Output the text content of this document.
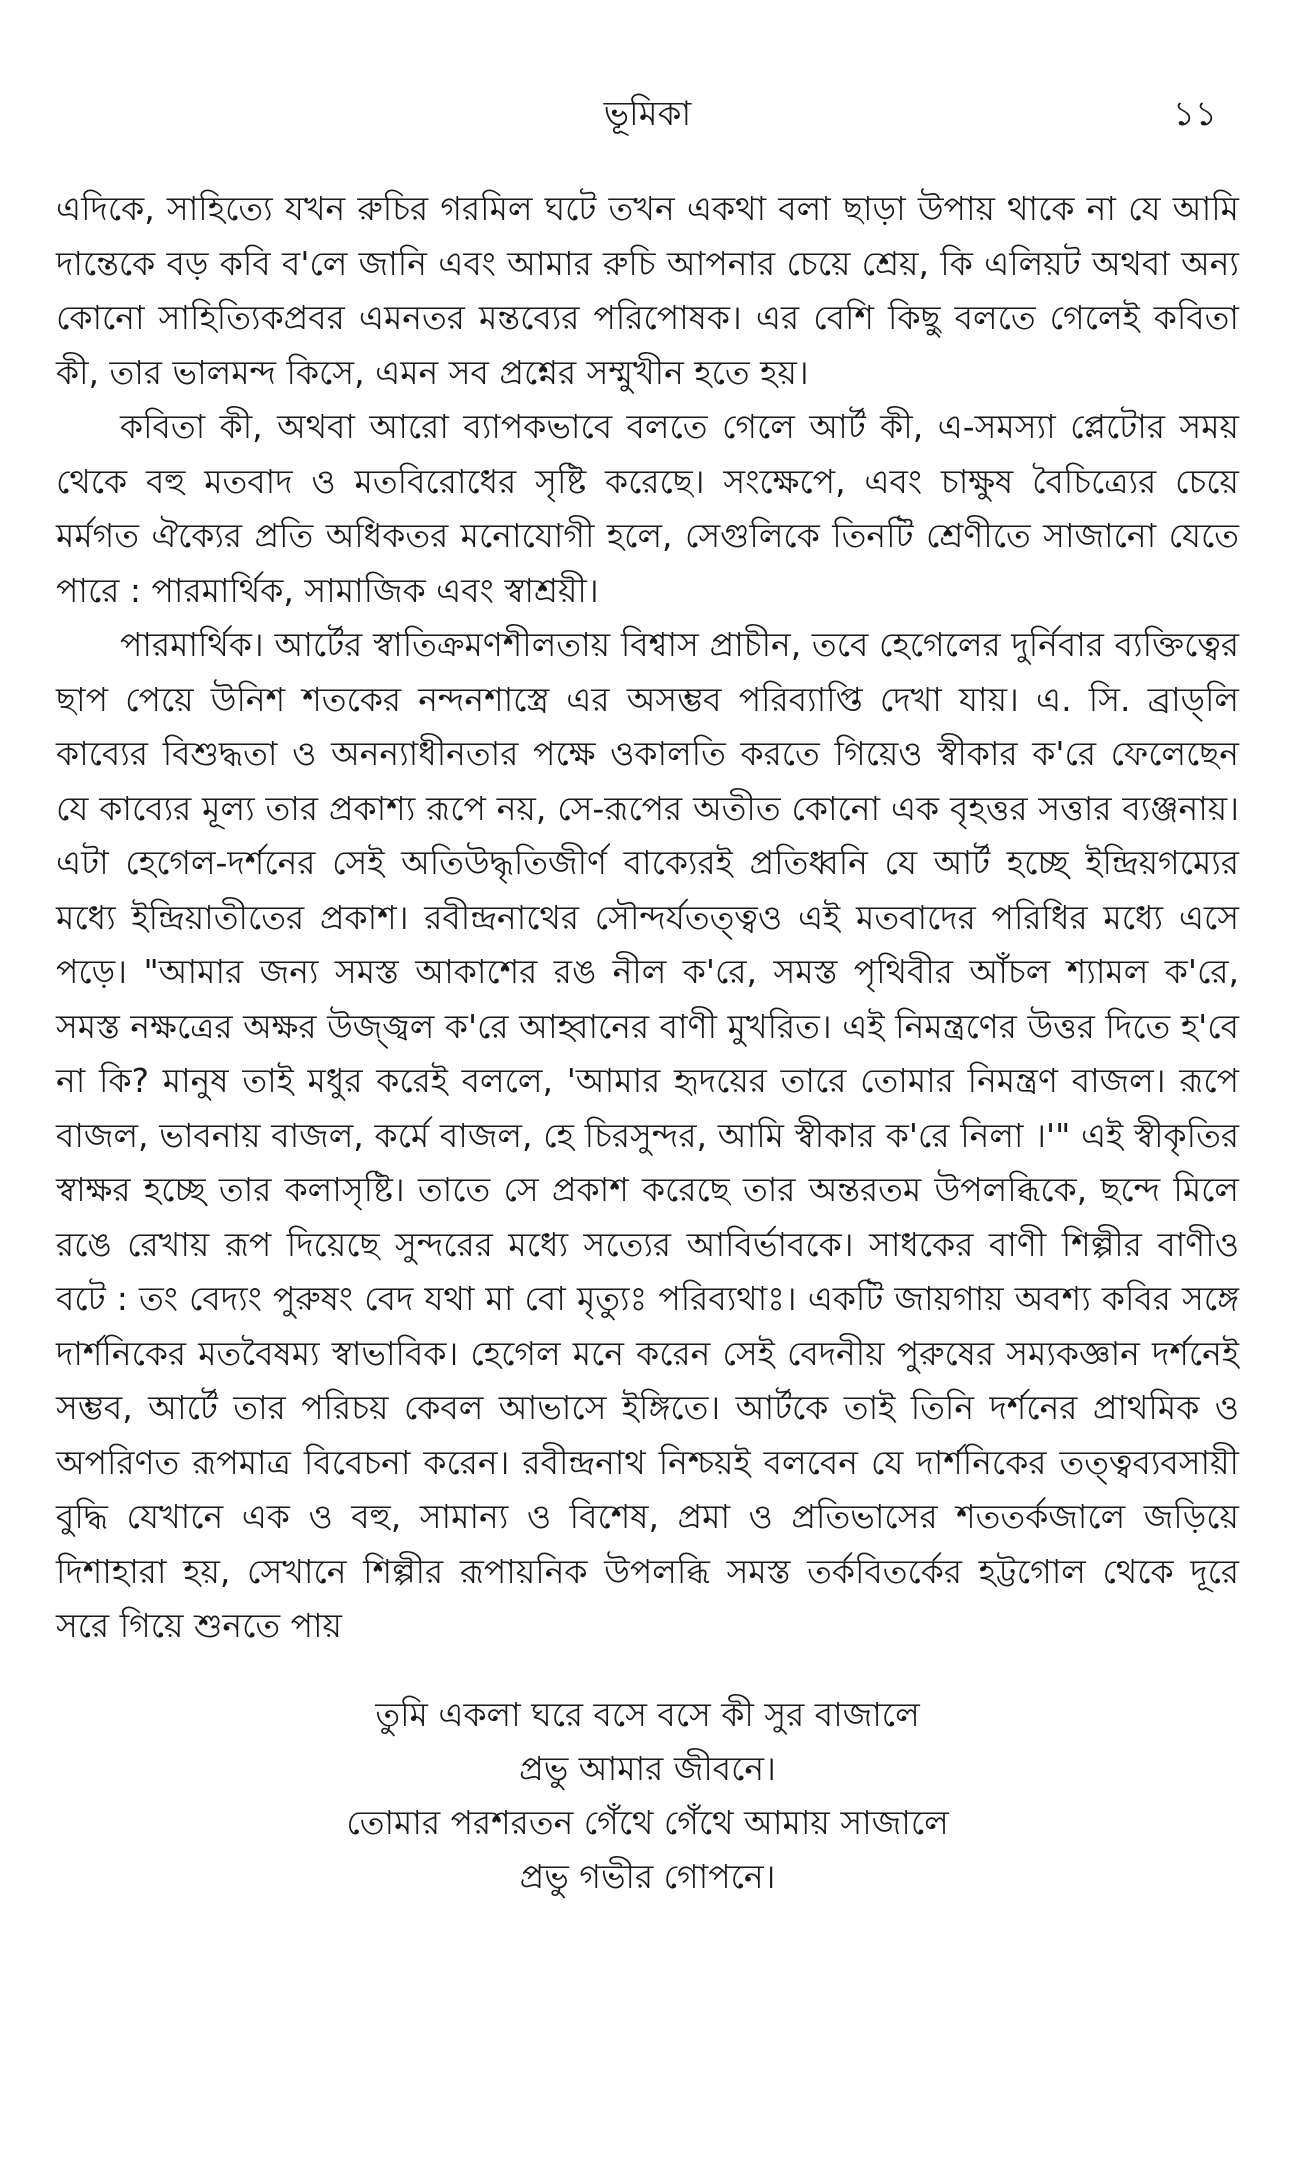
ভূমিকা	১১

এদিকে, সাহিত্যে যখন রুচির গরমিল ঘটে তখন একথা বলা ছাড়া উপায় থাকে না যে আমি দান্তেকে বড় কবি ব'লে জানি এবং আমার রুচি আপনার চেয়ে শ্রেয়, কি এলিয়ট অথবা অন্য কোনো সাহিত্যিকপ্রবর এমনতর মন্তব্যের পরিপোষক। এর বেশি কিছু বলতে গেলেই কবিতা কী, তার ভালমন্দ কিসে, এমন সব প্রশ্নের সম্মুখীন হতে হয়।

কবিতা কী, অথবা আরো ব্যাপকভাবে বলতে গেলে আর্ট কী, এ-সমস্যা প্লেটোর সময় থেকে বহু মতবাদ ও মতবিরোধের সৃষ্টি করেছে। সংক্ষেপে, এবং চাক্ষুষ বৈচিত্র্যের চেয়ে মর্মগত ঐক্যের প্রতি অধিকতর মনোযোগী হলে, সেগুলিকে তিনটি শ্রেণীতে সাজানো যেতে পারে : পারমার্থিক, সামাজিক এবং স্বাশ্রয়ী।

পারমার্থিক। আর্টের স্বাতিক্রমণশীলতায় বিশ্বাস প্রাচীন, তবে হেগেলের দুর্নিবার ব্যক্তিত্বের ছাপ পেয়ে উনিশ শতকের নন্দনশাস্ত্রে এর অসম্ভব পরিব্যাপ্তি দেখা যায়। এ. সি. ব্রাড্‌লি কাব্যের বিশুদ্ধতা ও অনন্যাধীনতার পক্ষে ওকালতি করতে গিয়েও স্বীকার ক'রে ফেলেছেন যে কাব্যের মূল্য তার প্রকাশ্য রূপে নয়, সে-রূপের অতীত কোনো এক বৃহত্তর সত্তার ব্যঞ্জনায়। এটা হেগেল-দর্শনের সেই অতিউদ্ধৃতিজীর্ণ বাক্যেরই প্রতিধ্বনি যে আর্ট হচ্ছে ইন্দ্রিয়গম্যের মধ্যে ইন্দ্রিয়াতীতের প্রকাশ। রবীন্দ্রনাথের সৌন্দর্যতত্ত্বও এই মতবাদের পরিধির মধ্যে এসে পড়ে। "আমার জন্য সমস্ত আকাশের রঙ নীল ক'রে, সমস্ত পৃথিবীর আঁচল শ্যামল ক'রে, সমস্ত নক্ষত্রের অক্ষর উজ্জ্বল ক'রে আহ্বানের বাণী মুখরিত। এই নিমন্ত্রণের উত্তর দিতে হ'বে না কি? মানুষ তাই মধুর করেই বললে, 'আমার হৃদয়ের তারে তোমার নিমন্ত্রণ বাজল। রূপে বাজল, ভাবনায় বাজল, কর্মে বাজল, হে চিরসুন্দর, আমি স্বীকার ক'রে নিলা ।'" এই স্বীকৃতির স্বাক্ষর হচ্ছে তার কলাসৃষ্টি। তাতে সে প্রকাশ করেছে তার অন্তরতম উপলব্ধিকে, ছন্দে মিলে রঙে রেখায় রূপ দিয়েছে সুন্দরের মধ্যে সত্যের আবির্ভাবকে। সাধকের বাণী শিল্পীর বাণীও বটে : তং বেদ্যং পুরুষং বেদ যথা মা বো মৃত্যুঃ পরিব্যথাঃ। একটি জায়গায় অবশ্য কবির সঙ্গে দার্শনিকের মতবৈষম্য স্বাভাবিক। হেগেল মনে করেন সেই বেদনীয় পুরুষের সম্যকজ্ঞান দর্শনেই সম্ভব, আর্টে তার পরিচয় কেবল আভাসে ইঙ্গিতে। আর্টকে তাই তিনি দর্শনের প্রাথমিক ও অপরিণত রূপমাত্র বিবেচনা করেন। রবীন্দ্রনাথ নিশ্চয়ই বলবেন যে দার্শনিকের তত্ত্বব্যবসায়ী বুদ্ধি যেখানে এক ও বহু, সামান্য ও বিশেষ, প্রমা ও প্রতিভাসের শততর্কজালে জড়িয়ে দিশাহারা হয়, সেখানে শিল্পীর রূপায়নিক উপলব্ধি সমস্ত তর্কবিতর্কের হট্টগোল থেকে দূরে সরে গিয়ে শুনতে পায়

তুমি একলা ঘরে বসে বসে কী সুর বাজালে
প্রভু আমার জীবনে।
তোমার পরশরতন গেঁথে গেঁথে আমায় সাজালে
প্রভু গভীর গোপনে।
